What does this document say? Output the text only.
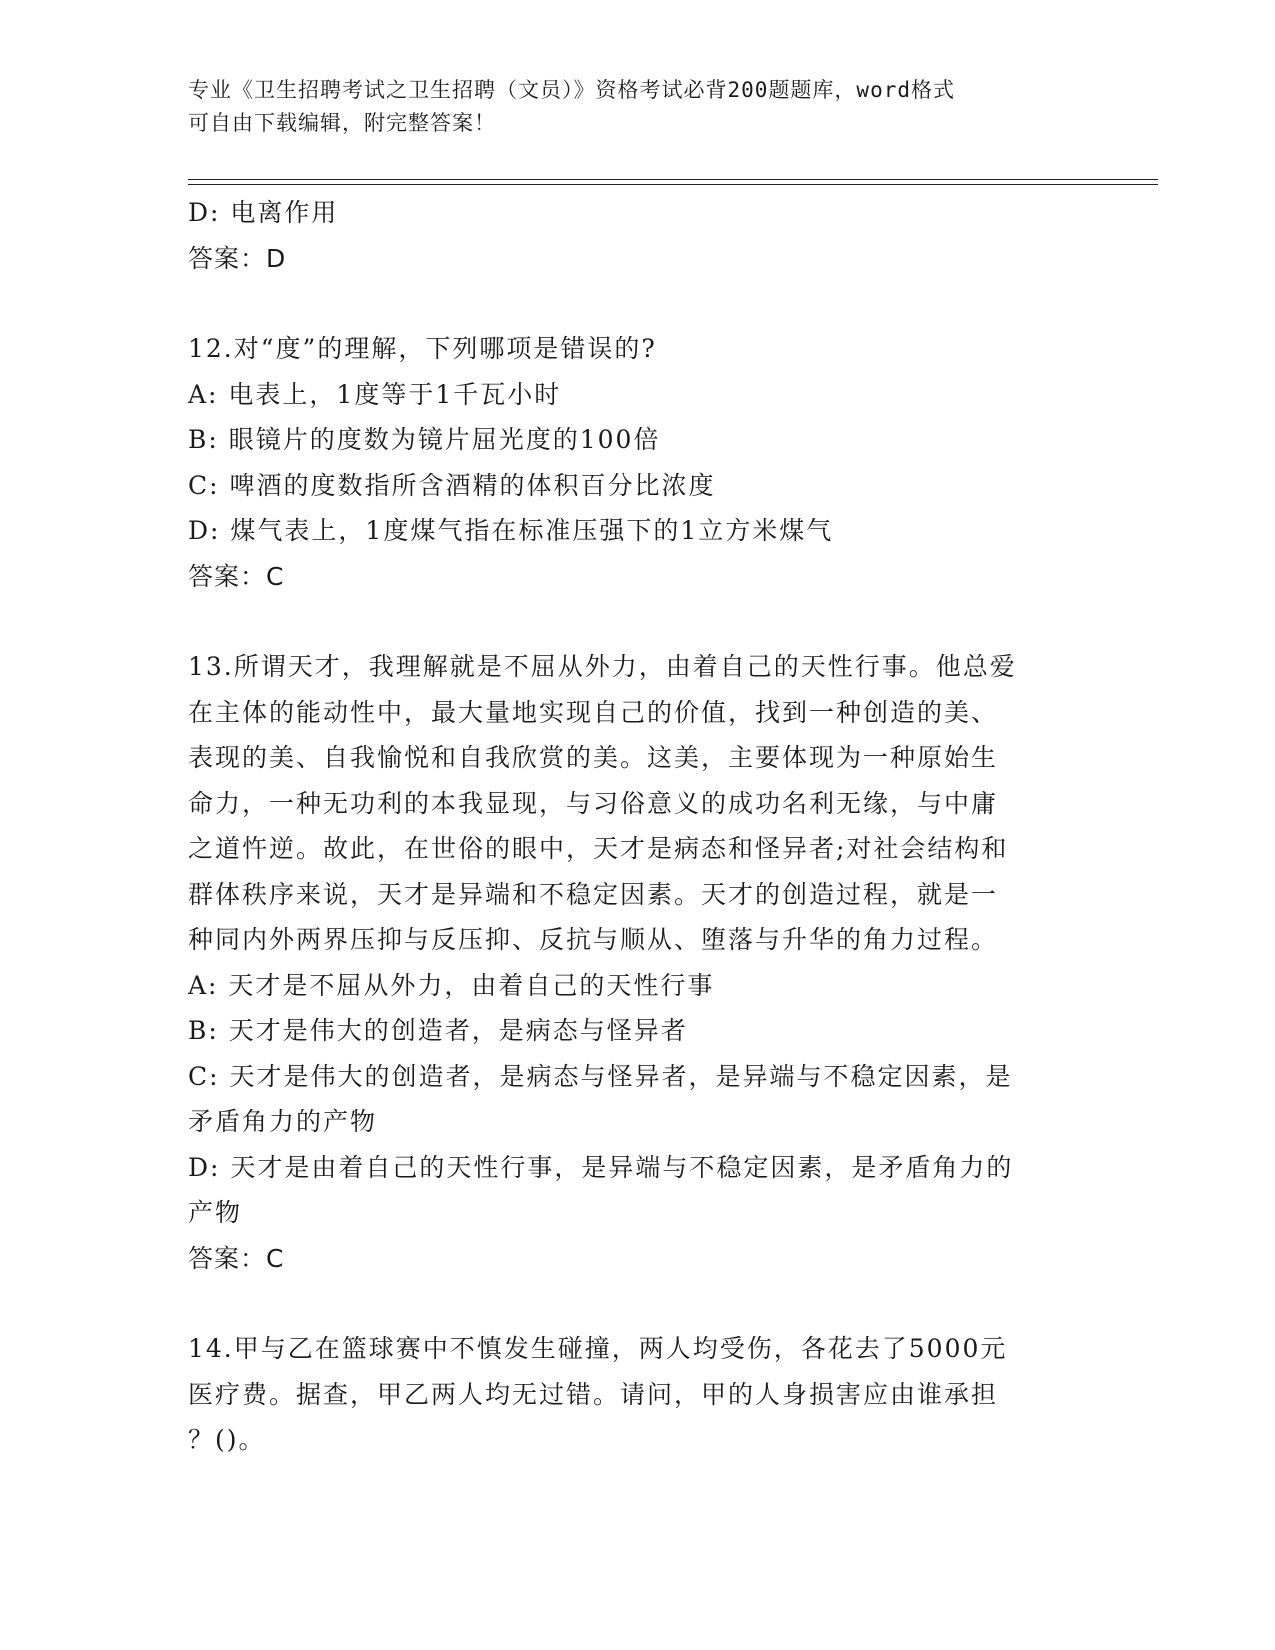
专业《卫生招聘考试之卫生招聘（文员）》资格考试必背200题题库，word格式
可自由下载编辑，附完整答案！

D: 电离作用

答案：D

12.对“度”的理解，下列哪项是错误的?

A: 电表上，1度等于1千瓦小时

B: 眼镜片的度数为镜片屈光度的100倍

C: 啤酒的度数指所含酒精的体积百分比浓度

D: 煤气表上，1度煤气指在标准压强下的1立方米煤气

答案：C

13.所谓天才，我理解就是不屈从外力，由着自己的天性行事。他总爱

在主体的能动性中，最大量地实现自己的价值，找到一种创造的美、

表现的美、自我愉悦和自我欣赏的美。这美，主要体现为一种原始生

命力，一种无功利的本我显现，与习俗意义的成功名利无缘，与中庸

之道忤逆。故此，在世俗的眼中，天才是病态和怪异者;对社会结构和

群体秩序来说，天才是异端和不稳定因素。天才的创造过程，就是一

种同内外两界压抑与反压抑、反抗与顺从、堕落与升华的角力过程。

A: 天才是不屈从外力，由着自己的天性行事

B: 天才是伟大的创造者，是病态与怪异者

C: 天才是伟大的创造者，是病态与怪异者，是异端与不稳定因素，是

矛盾角力的产物

D: 天才是由着自己的天性行事，是异端与不稳定因素，是矛盾角力的

产物

答案：C

14.甲与乙在篮球赛中不慎发生碰撞，两人均受伤，各花去了5000元

医疗费。据查，甲乙两人均无过错。请问，甲的人身损害应由谁承担

？()。
